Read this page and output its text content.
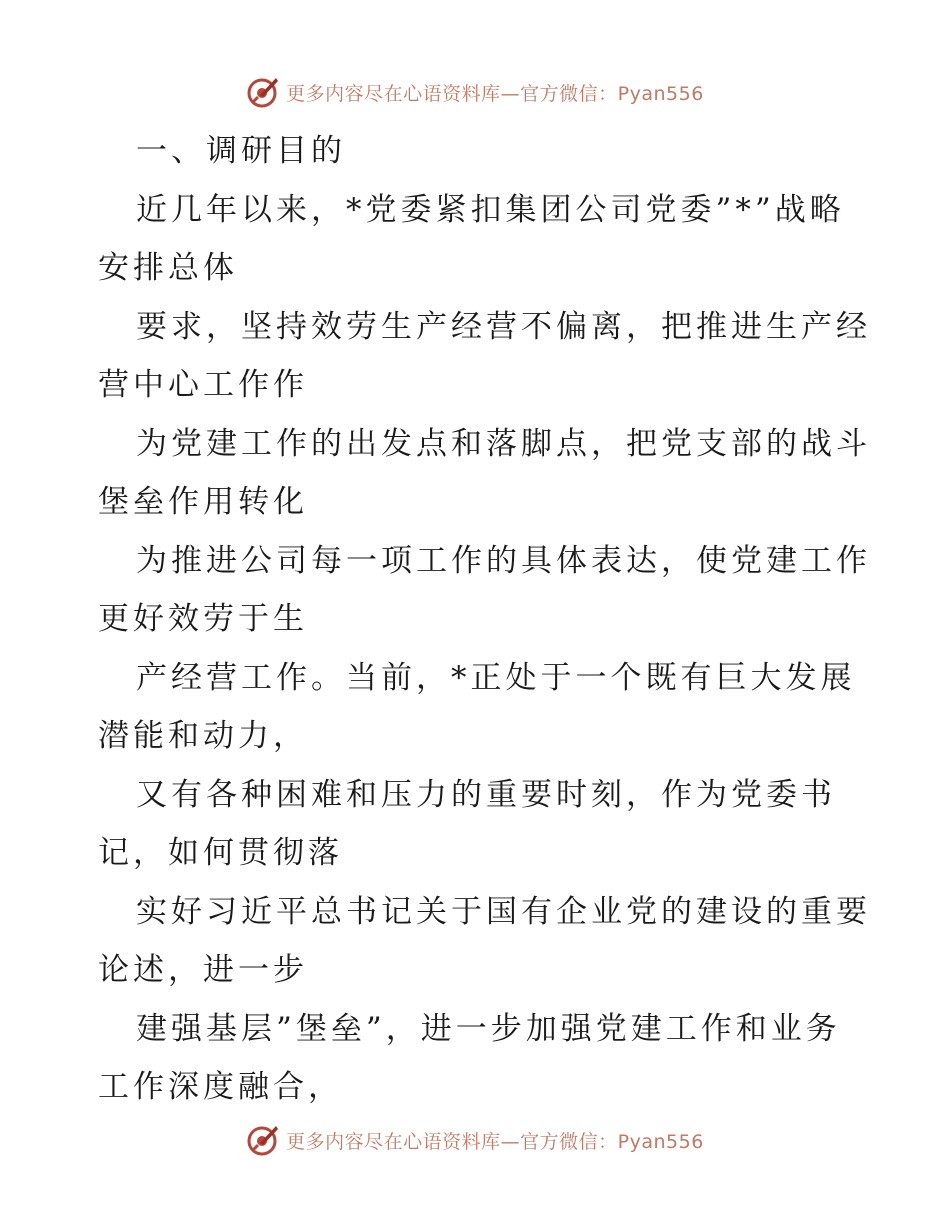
更多内容尽在心语资料库—官方微信：Pyan556
一、调研目的
近几年以来，*党委紧扣集团公司党委”*”战略
安排总体
要求，坚持效劳生产经营不偏离，把推进生产经
营中心工作作
为党建工作的出发点和落脚点，把党支部的战斗
堡垒作用转化
为推进公司每一项工作的具体表达，使党建工作
更好效劳于生
产经营工作。当前，*正处于一个既有巨大发展
潜能和动力，
又有各种困难和压力的重要时刻，作为党委书
记，如何贯彻落
实好习近平总书记关于国有企业党的建设的重要
论述，进一步
建强基层”堡垒”，进一步加强党建工作和业务
工作深度融合，
更多内容尽在心语资料库—官方微信：Pyan556
